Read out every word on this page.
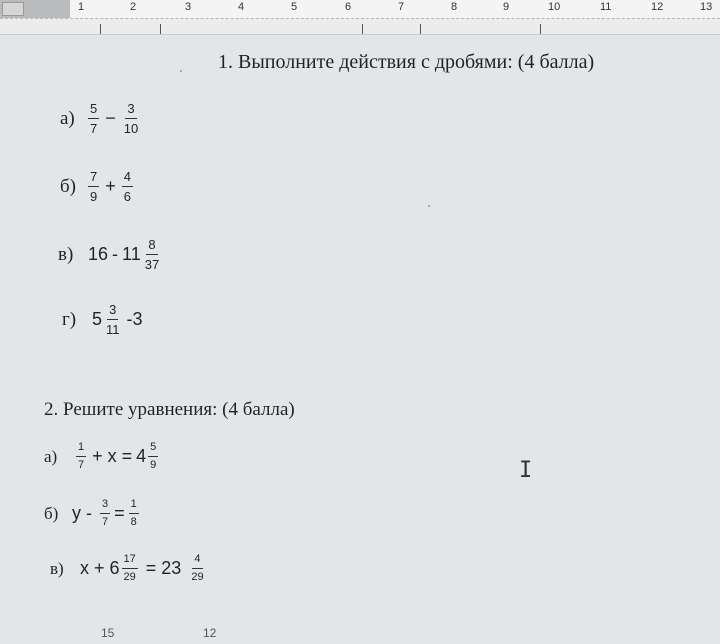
1	2	3	4	5	6	7	8	9	10	11	12	13
1. Выполните действия с дробями: (4 балла)
а)	$\frac{5}{7} - \frac{3}{10}$
$б) \frac{7}{9} + \frac{4}{6}$
в) $16 - 11 \frac{8}{37}$
г) $5 \frac{3}{11} -3$
2. Решите уравнения: (4 балла)
а)	$\frac{1}{7} + x = 4 \frac{5}{9}$
б) $y - \frac{3}{7} = \frac{1}{8}$
в) $x + 6 \frac{17}{29} = 23 \frac{4}{29}$
I
15	12
